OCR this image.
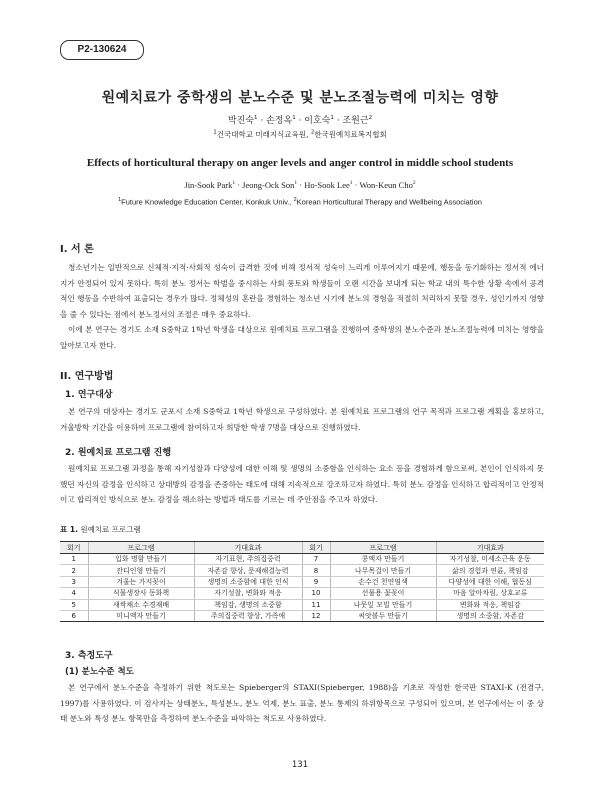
P2-130624
원예치료가 중학생의 분노수준 및 분노조절능력에 미치는 영향
박진숙$^1$ · 손정옥$^1$ · 이호숙$^1$ · 조원근$^2$
$^1$건국대학교 미래지식교육원, $^2$한국원예치료복지협회
Effects of horticultural therapy on anger levels and anger control in middle school students
Jin-Sook Park$^1$ · Jeong-Ock Son$^1$ · Ho-Sook Lee$^1$ · Won-Keun Cho$^2$
$^1$Future Knowledge Education Center, Konkuk Univ., $^2$Korean Horticultural Therapy and Wellbeing Association
I. 서 론
청소년기는 일반적으로 신체적·지적·사회적 성숙이 급격한 것에 비해 정서적 성숙이 느리게 이루어지기 때문에, 행동을 동기화하는 정서적 에너지가 안정되어 있지 못하다. 특히 분노 정서는 학벌을 중시하는 사회 풍토와 학생들이 오랜 시간을 보내게 되는 학교 내의 특수한 상황 속에서 공격적인 행동을 수반하여 표출되는 경우가 많다. 정체성의 혼란을 경험하는 청소년 시기에 분노의 경험을 적절히 처리하지 못할 경우, 성인기까지 영향을 줄 수 있다는 점에서 분노정서의 조절은 매우 중요하다.
이에 본 연구는 경기도 소재 S중학교 1학년 학생을 대상으로 원예치료 프로그램을 진행하여 중학생의 분노수준과 분노조절능력에 미치는 영향을 알아보고자 한다.
II. 연구방법
1. 연구대상
본 연구의 대상자는 경기도 군포시 소재 S중학교 1학년 학생으로 구성하였다. 본 원예치료 프로그램의 연구 목적과 프로그램 계획을 홍보하고, 겨울방학 기간을 이용하여 프로그램에 참여하고자 희망한 학생 7명을 대상으로 진행하였다.
2. 원예치료 프로그램 진행
원예치료 프로그램 과정을 통해 자기성찰과 다양성에 대한 이해 및 생명의 소중함을 인식하는 요소 등을 경험하게 함으로써, 본인이 인식하지 못했던 자신의 감정을 인식하고 상대방의 감정을 존중하는 태도에 대해 지속적으로 강조하고자 하였다. 특히 분노 감정을 인식하고 합리적이고 안정적이고 합리적인 방식으로 분노 감정을 해소하는 방법과 태도를 기르는 데 주안점을 주고자 하였다.
표 1. 원예치료 프로그램
회기	프로그램	기대효과	회기	프로그램	기대효과
1	입화 명함 만들기	자기표현, 주의집중력	7	콩액자 만들기	자기성찰, 미세소근육 운동
2	잔디인형 만들기	자존감 향상, 문제해결능력	8	나무목걸이 만들기	삶의 경험과 연륜, 책임감
3	겨울는 가지꽂이	생명의 소중함에 대한 인식	9	손수건 천연염색	다양성에 대한 이해, 협동심
4	식물생장사 동화책	자기성찰, 변화와 적응	10	선물용 꽃꽂이	마음 알아차림, 상호교류
5	새싹채소 수경재배	책임감, 생명의 소중함	11	나뭇잎 모빌 만들기	변화와 적응, 책임감
6	미니액자 만들기	주의집중력 향상, 가족애	12	씨앗볼두 만들기	생명의 소중함, 자존감
3. 측정도구
(1) 분노수준 척도
본 연구에서 분노수준을 측정하기 위한 척도로는 Spieberger의 STAXI(Spieberger, 1988)을 기초로 작성한 한국판 STAXI-K (전겸구, 1997)를 사용하였다. 이 검사지는 상태분노, 특성분노, 분노 억제, 분노 표출, 분노 통제의 하위항목으로 구성되어 있으며, 본 연구에서는 이 중 상태 분노와 특성 분노 항목만을 측정하여 분노수준을 파악하는 척도로 사용하였다.
131
